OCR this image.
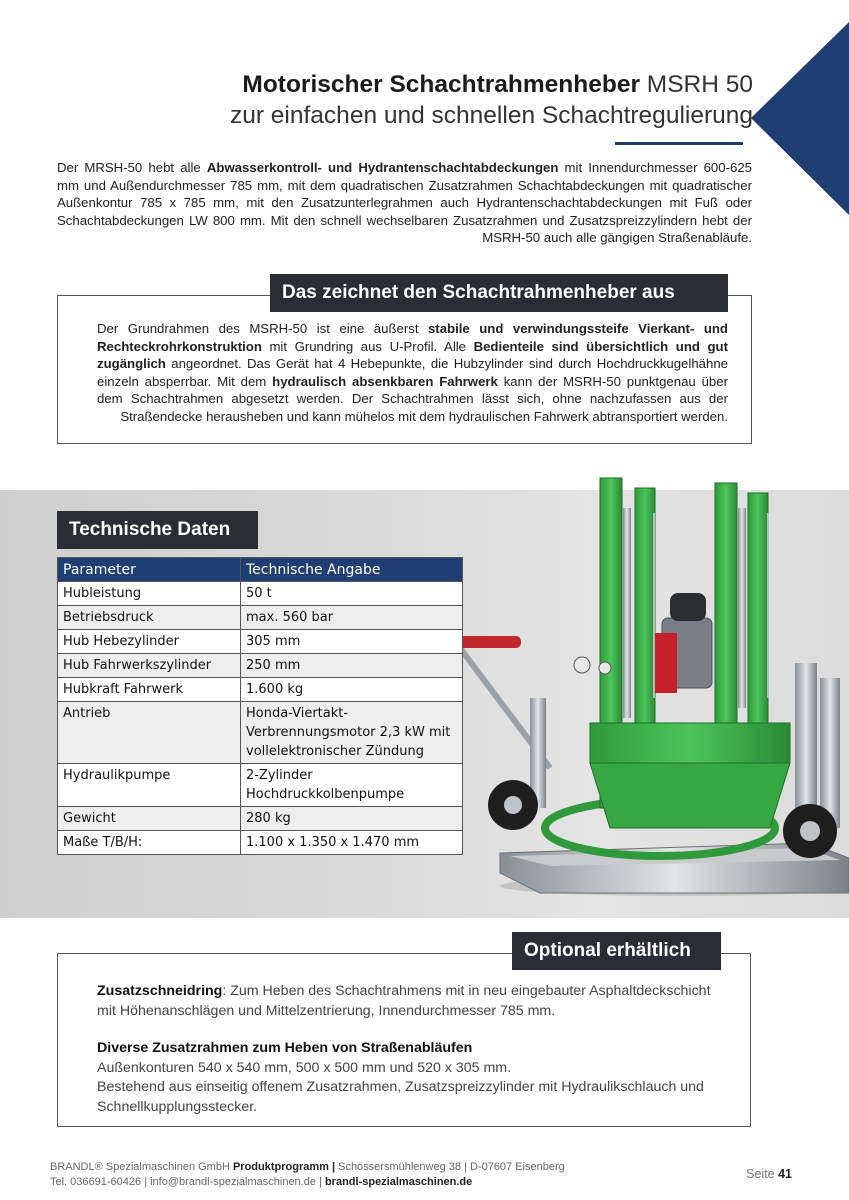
Motorischer Schachtrahmenheber MSRH 50
zur einfachen und schnellen Schachtregulierung

Der MRSH-50 hebt alle Abwasserkontroll- und Hydrantenschachtabdeckungen mit Innendurchmesser 600-625 mm und Außendurchmesser 785 mm, mit dem quadratischen Zusatzrahmen Schachtabdeckungen mit quadratischer Außenkontur 785 x 785 mm, mit den Zusatzunterlegrahmen auch Hydrantenschachtabdeckungen mit Fuß oder Schachtabdeckungen LW 800 mm. Mit den schnell wechselbaren Zusatzrahmen und Zusatzspreizzylindern hebt der MSRH-50 auch alle gängigen Straßenabläufe.

Das zeichnet den Schachtrahmenheber aus

Der Grundrahmen des MSRH-50 ist eine äußerst stabile und verwindungssteife Vierkant- und Rechteckrohrkonstruktion mit Grundring aus U-Profil. Alle Bedienteile sind übersichtlich und gut zugänglich angeordnet. Das Gerät hat 4 Hebepunkte, die Hubzylinder sind durch Hochdruckkugelhähne einzeln absperrbar. Mit dem hydraulisch absenkbaren Fahrwerk kann der MSRH-50 punktgenau über dem Schachtrahmen abgesetzt werden. Der Schachtrahmen lässt sich, ohne nachzufassen aus der Straßendecke herausheben und kann mühelos mit dem hydraulischen Fahrwerk abtransportiert werden.

Technische Daten
Parameter	Technische Angabe
Hubleistung	50 t
Betriebsdruck	max. 560 bar
Hub Hebezylinder	305 mm
Hub Fahrwerkszylinder	250 mm
Hubkraft Fahrwerk	1.600 kg
Antrieb	Honda-Viertakt-Verbrennungsmotor 2,3 kW mit vollelektronischer Zündung
Hydraulikpumpe	2-Zylinder Hochdruckkolbenpumpe
Gewicht	280 kg
Maße T/B/H:	1.100 x 1.350 x 1.470 mm
Optional erhältlich

Zusatzschneidring: Zum Heben des Schachtrahmens mit in neu eingebauter Asphaltdeckschicht mit Höhenanschlägen und Mittelzentrierung, Innendurchmesser 785 mm.

Diverse Zusatzrahmen zum Heben von Straßenabläufen

Außenkonturen 540 x 540 mm, 500 x 500 mm und 520 x 305 mm.

Bestehend aus einseitig offenem Zusatzrahmen, Zusatzspreizzylinder mit Hydraulikschlauch und Schnellkupplungsstecker.

BRANDL® Spezialmaschinen GmbH Produktprogramm | Schössersmühlenweg 38 | D-07607 Eisenberg
Tel. 036691-60426 | info@brandl-spezialmaschinen.de | brandl-spezialmaschinen.de
Seite 41
